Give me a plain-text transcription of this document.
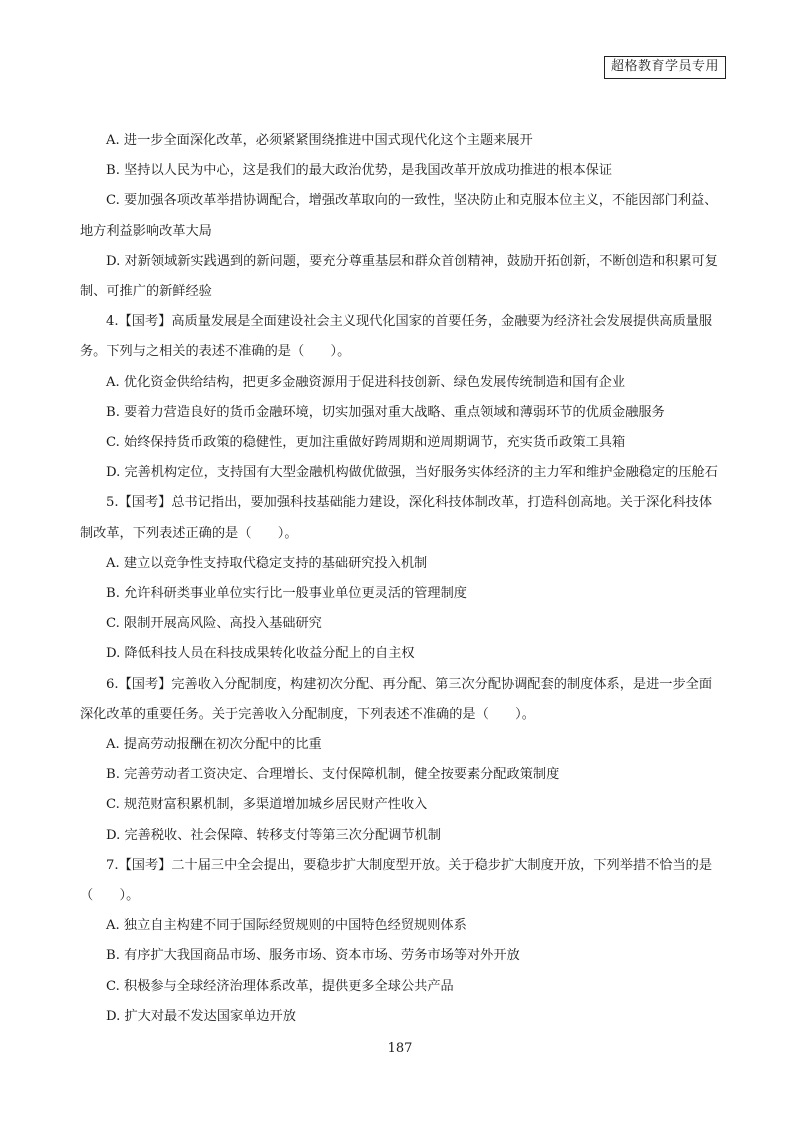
超格教育学员专用

A. 进一步全面深化改革，必须紧紧围绕推进中国式现代化这个主题来展开

B. 坚持以人民为中心，这是我们的最大政治优势，是我国改革开放成功推进的根本保证

C. 要加强各项改革举措协调配合，增强改革取向的一致性，坚决防止和克服本位主义，不能因部门利益、

地方利益影响改革大局

D. 对新领域新实践遇到的新问题，要充分尊重基层和群众首创精神，鼓励开拓创新，不断创造和积累可复

制、可推广的新鲜经验

4.【国考】高质量发展是全面建设社会主义现代化国家的首要任务，金融要为经济社会发展提供高质量服

务。下列与之相关的表述不准确的是（　　）。

A. 优化资金供给结构，把更多金融资源用于促进科技创新、绿色发展传统制造和国有企业

B. 要着力营造良好的货币金融环境，切实加强对重大战略、重点领域和薄弱环节的优质金融服务

C. 始终保持货币政策的稳健性，更加注重做好跨周期和逆周期调节，充实货币政策工具箱

D. 完善机构定位，支持国有大型金融机构做优做强，当好服务实体经济的主力军和维护金融稳定的压舱石

5.【国考】总书记指出，要加强科技基础能力建设，深化科技体制改革，打造科创高地。关于深化科技体

制改革，下列表述正确的是（　　）。

A. 建立以竞争性支持取代稳定支持的基础研究投入机制

B. 允许科研类事业单位实行比一般事业单位更灵活的管理制度

C. 限制开展高风险、高投入基础研究

D. 降低科技人员在科技成果转化收益分配上的自主权

6.【国考】完善收入分配制度，构建初次分配、再分配、第三次分配协调配套的制度体系，是进一步全面

深化改革的重要任务。关于完善收入分配制度，下列表述不准确的是（　　）。

A. 提高劳动报酬在初次分配中的比重

B. 完善劳动者工资决定、合理增长、支付保障机制，健全按要素分配政策制度

C. 规范财富积累机制，多渠道增加城乡居民财产性收入

D. 完善税收、社会保障、转移支付等第三次分配调节机制

7.【国考】二十届三中全会提出，要稳步扩大制度型开放。关于稳步扩大制度开放，下列举措不恰当的是

（　　）。

A. 独立自主构建不同于国际经贸规则的中国特色经贸规则体系

B. 有序扩大我国商品市场、服务市场、资本市场、劳务市场等对外开放

C. 积极参与全球经济治理体系改革，提供更多全球公共产品

D. 扩大对最不发达国家单边开放

187
